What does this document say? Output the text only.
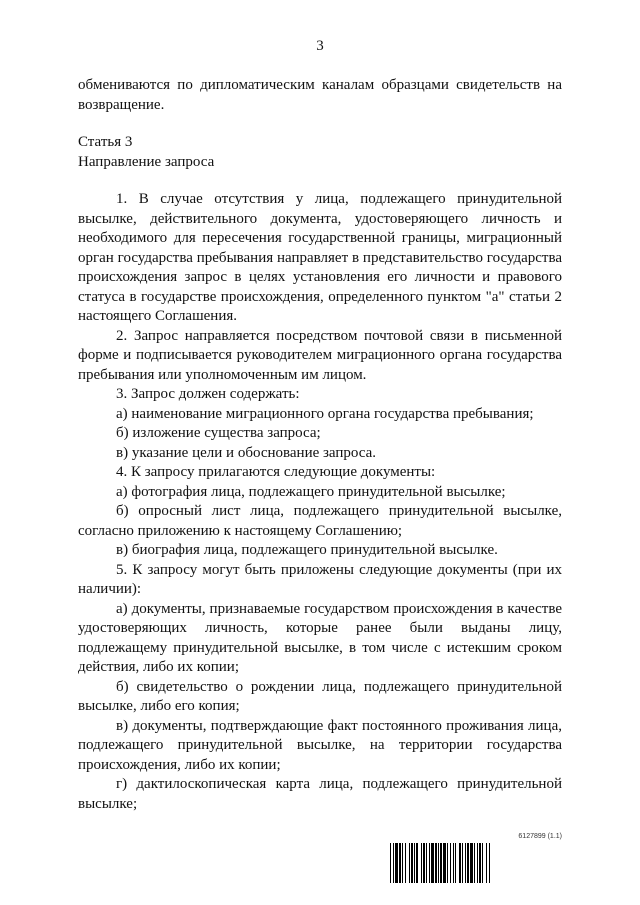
3

обмениваются по дипломатическим каналам образцами свидетельств на возвращение.

Статья 3

Направление запроса

1. В случае отсутствия у лица, подлежащего принудительной высылке, действительного документа, удостоверяющего личность и необходимого для пересечения государственной границы, миграционный орган государства пребывания направляет в представительство государства происхождения запрос в целях установления его личности и правового статуса в государстве происхождения, определенного пунктом "а" статьи 2 настоящего Соглашения.

2. Запрос направляется посредством почтовой связи в письменной форме и подписывается руководителем миграционного органа государства пребывания или уполномоченным им лицом.

3. Запрос должен содержать:

а) наименование миграционного органа государства пребывания;

б) изложение существа запроса;

в) указание цели и обоснование запроса.

4. К запросу прилагаются следующие документы:

а) фотография лица, подлежащего принудительной высылке;

б) опросный лист лица, подлежащего принудительной высылке, согласно приложению к настоящему Соглашению;

в) биография лица, подлежащего принудительной высылке.

5. К запросу могут быть приложены следующие документы (при их наличии):

а) документы, признаваемые государством происхождения в качестве удостоверяющих личность, которые ранее были выданы лицу, подлежащему принудительной высылке, в том числе с истекшим сроком действия, либо их копии;

б) свидетельство о рождении лица, подлежащего принудительной высылке, либо его копия;

в) документы, подтверждающие факт постоянного проживания лица, подлежащего принудительной высылке, на территории государства происхождения, либо их копии;

г) дактилоскопическая карта лица, подлежащего принудительной высылке;

6127899 (1.1)
